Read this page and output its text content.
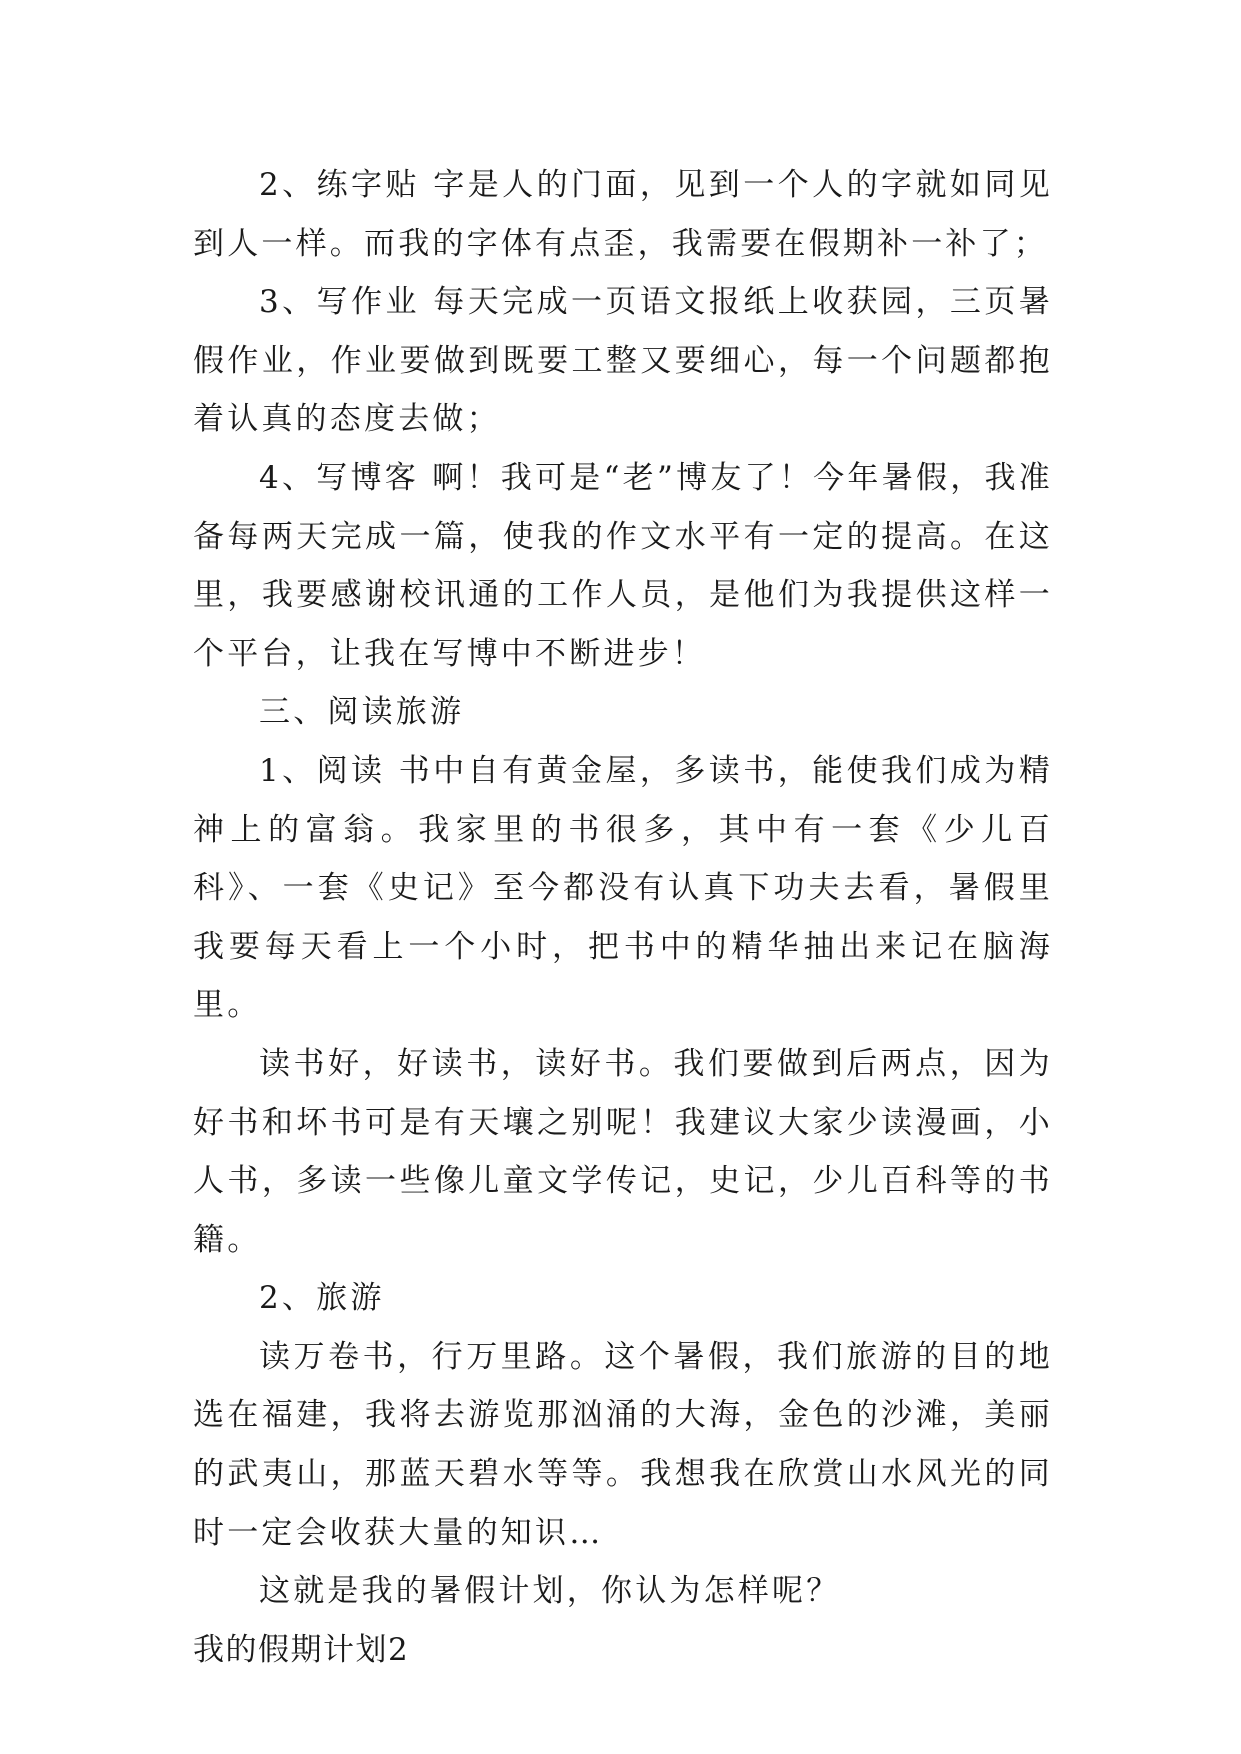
2、练字贴 字是人的门面，见到一个人的字就如同见到人一样。而我的字体有点歪，我需要在假期补一补了；

3、写作业 每天完成一页语文报纸上收获园，三页暑假作业，作业要做到既要工整又要细心，每一个问题都抱着认真的态度去做；

4、写博客 啊！我可是“老”博友了！今年暑假，我准备每两天完成一篇，使我的作文水平有一定的提高。在这里，我要感谢校讯通的工作人员，是他们为我提供这样一个平台，让我在写博中不断进步！

三、阅读旅游

1、阅读 书中自有黄金屋，多读书，能使我们成为精神上的富翁。我家里的书很多，其中有一套《少儿百科》、一套《史记》至今都没有认真下功夫去看，暑假里我要每天看上一个小时，把书中的精华抽出来记在脑海里。

读书好，好读书，读好书。我们要做到后两点，因为好书和坏书可是有天壤之别呢！我建议大家少读漫画，小人书，多读一些像儿童文学传记，史记，少儿百科等的书籍。

2、旅游

读万卷书，行万里路。这个暑假，我们旅游的目的地选在福建，我将去游览那汹涌的大海，金色的沙滩，美丽的武夷山，那蓝天碧水等等。我想我在欣赏山水风光的同时一定会收获大量的知识…

这就是我的暑假计划，你认为怎样呢？

我的假期计划2
